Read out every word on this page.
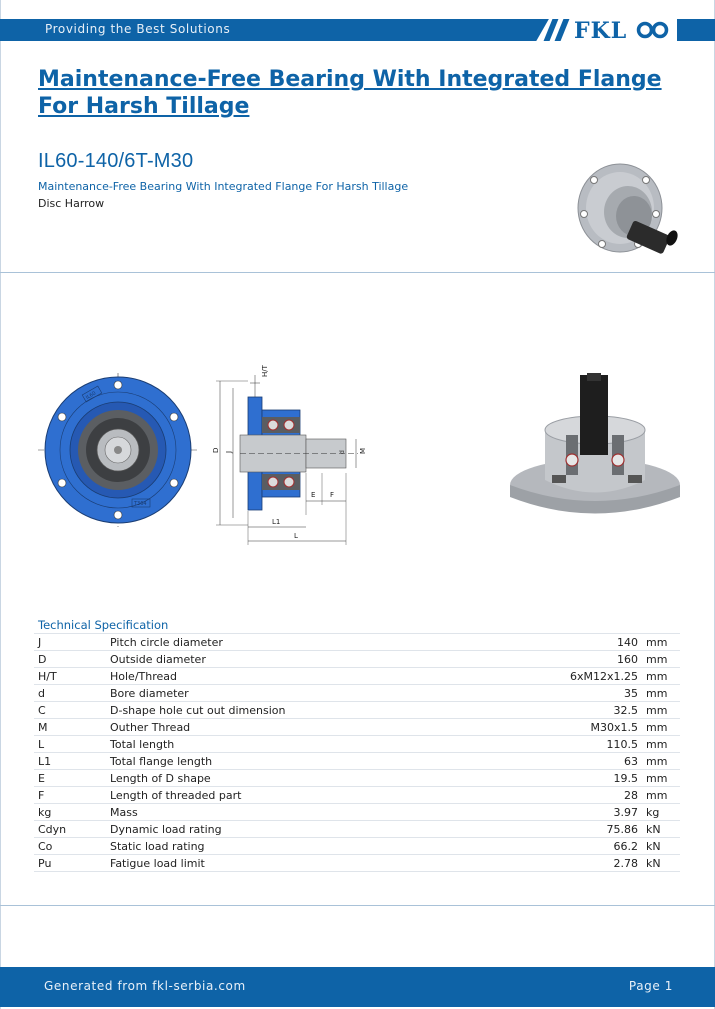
Providing the Best Solutions	FKL
Maintenance-Free Bearing With Integrated Flange For Harsh Tillage
IL60-140/6T-M30
Maintenance-Free Bearing With Integrated Flange For Harsh Tillage
Disc Harrow
IL60
T364
H/T
D J	d M
E F
L1
L
Technical Specification
J	Pitch circle diameter	140	mm
D	Outside diameter	160	mm
H/T	Hole/Thread	6xM12x1.25	mm
d	Bore diameter	35	mm
C	D-shape hole cut out dimension	32.5	mm
M	Outher Thread	M30x1.5	mm
L	Total length	110.5	mm
L1	Total flange length	63	mm
E	Length of D shape	19.5	mm
F	Length of threaded part	28	mm
kg	Mass	3.97	kg
Cdyn	Dynamic load rating	75.86	kN
Co	Static load rating	66.2	kN
Pu	Fatigue load limit	2.78	kN
Generated from fkl-serbia.com	Page 1
